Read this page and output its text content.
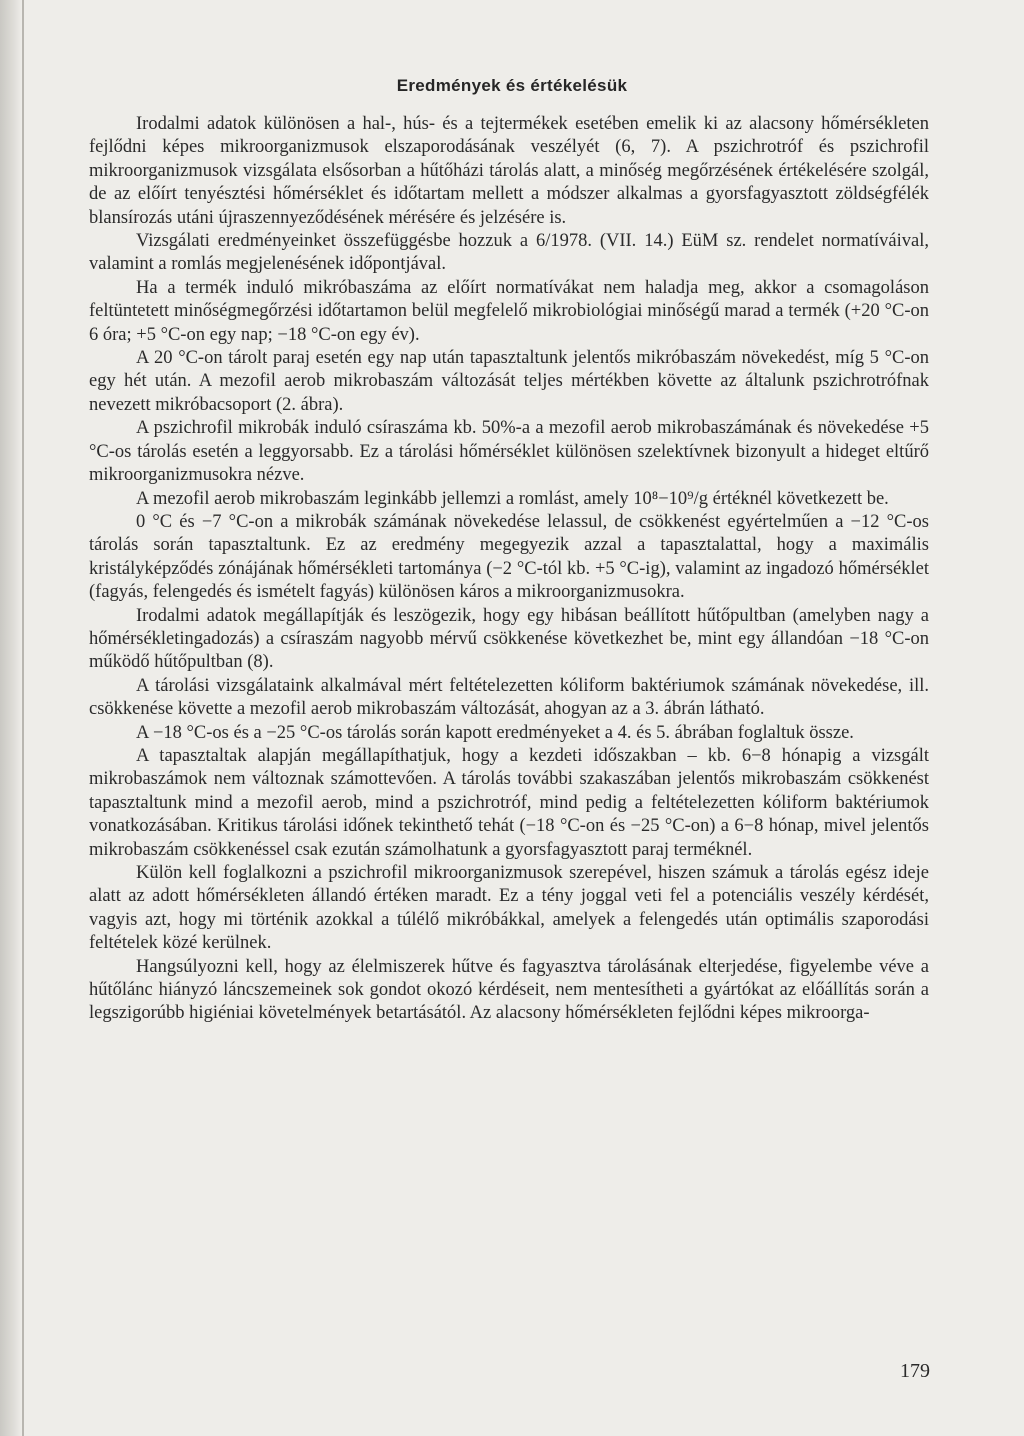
Eredmények és értékelésük

Irodalmi adatok különösen a hal-, hús- és a tejtermékek esetében emelik ki az alacsony hőmérsékleten fejlődni képes mikroorganizmusok elszaporodásának veszélyét (6, 7). A pszichrotróf és pszichrofil mikroorganizmusok vizsgálata elsősorban a hűtőházi tárolás alatt, a minőség megőrzésének értékelésére szolgál, de az előírt tenyésztési hőmérséklet és időtartam mellett a módszer alkalmas a gyorsfagyasztott zöldségfélék blansírozás utáni újraszennyeződésének mérésére és jelzésére is.

Vizsgálati eredményeinket összefüggésbe hozzuk a 6/1978. (VII. 14.) EüM sz. rendelet normatíváival, valamint a romlás megjelenésének időpontjával.

Ha a termék induló mikróbaszáma az előírt normatívákat nem haladja meg, akkor a csomagoláson feltüntetett minőségmegőrzési időtartamon belül megfelelő mikrobiológiai minőségű marad a termék (+20 °C-on 6 óra; +5 °C-on egy nap; −18 °C-on egy év).

A 20 °C-on tárolt paraj esetén egy nap után tapasztaltunk jelentős mikróbaszám növekedést, míg 5 °C-on egy hét után. A mezofil aerob mikrobaszám változását teljes mértékben követte az általunk pszichrotrófnak nevezett mikróbacsoport (2. ábra).

A pszichrofil mikrobák induló csíraszáma kb. 50%-a a mezofil aerob mikrobaszámának és növekedése +5 °C-os tárolás esetén a leggyorsabb. Ez a tárolási hőmérséklet különösen szelektívnek bizonyult a hideget eltűrő mikroorganizmusokra nézve.

A mezofil aerob mikrobaszám leginkább jellemzi a romlást, amely 10⁸−10⁹/g értéknél következett be.

0 °C és −7 °C-on a mikrobák számának növekedése lelassul, de csökkenést egyértelműen a −12 °C-os tárolás során tapasztaltunk. Ez az eredmény megegyezik azzal a tapasztalattal, hogy a maximális kristályképződés zónájának hőmérsékleti tartománya (−2 °C-tól kb. +5 °C-ig), valamint az ingadozó hőmérséklet (fagyás, felengedés és ismételt fagyás) különösen káros a mikroorganizmusokra.

Irodalmi adatok megállapítják és leszögezik, hogy egy hibásan beállított hűtőpultban (amelyben nagy a hőmérsékletingadozás) a csíraszám nagyobb mérvű csökkenése következhet be, mint egy állandóan −18 °C-on működő hűtőpultban (8).

A tárolási vizsgálataink alkalmával mért feltételezetten kóliform baktériumok számának növekedése, ill. csökkenése követte a mezofil aerob mikrobaszám változását, ahogyan az a 3. ábrán látható.

A −18 °C-os és a −25 °C-os tárolás során kapott eredményeket a 4. és 5. ábrában foglaltuk össze.

A tapasztaltak alapján megállapíthatjuk, hogy a kezdeti időszakban – kb. 6−8 hónapig a vizsgált mikrobaszámok nem változnak számottevően. A tárolás további szakaszában jelentős mikrobaszám csökkenést tapasztaltunk mind a mezofil aerob, mind a pszichrotróf, mind pedig a feltételezetten kóliform baktériumok vonatkozásában. Kritikus tárolási időnek tekinthető tehát (−18 °C-on és −25 °C-on) a 6−8 hónap, mivel jelentős mikrobaszám csökkenéssel csak ezután számolhatunk a gyorsfagyasztott paraj terméknél.

Külön kell foglalkozni a pszichrofil mikroorganizmusok szerepével, hiszen számuk a tárolás egész ideje alatt az adott hőmérsékleten állandó értéken maradt. Ez a tény joggal veti fel a potenciális veszély kérdését, vagyis azt, hogy mi történik azokkal a túlélő mikróbákkal, amelyek a felengedés után optimális szaporodási feltételek közé kerülnek.

Hangsúlyozni kell, hogy az élelmiszerek hűtve és fagyasztva tárolásának elterjedése, figyelembe véve a hűtőlánc hiányzó láncszemeinek sok gondot okozó kérdéseit, nem mentesítheti a gyártókat az előállítás során a legszigorúbb higiéniai követelmények betartásától. Az alacsony hőmérsékleten fejlődni képes mikroorga-

179
